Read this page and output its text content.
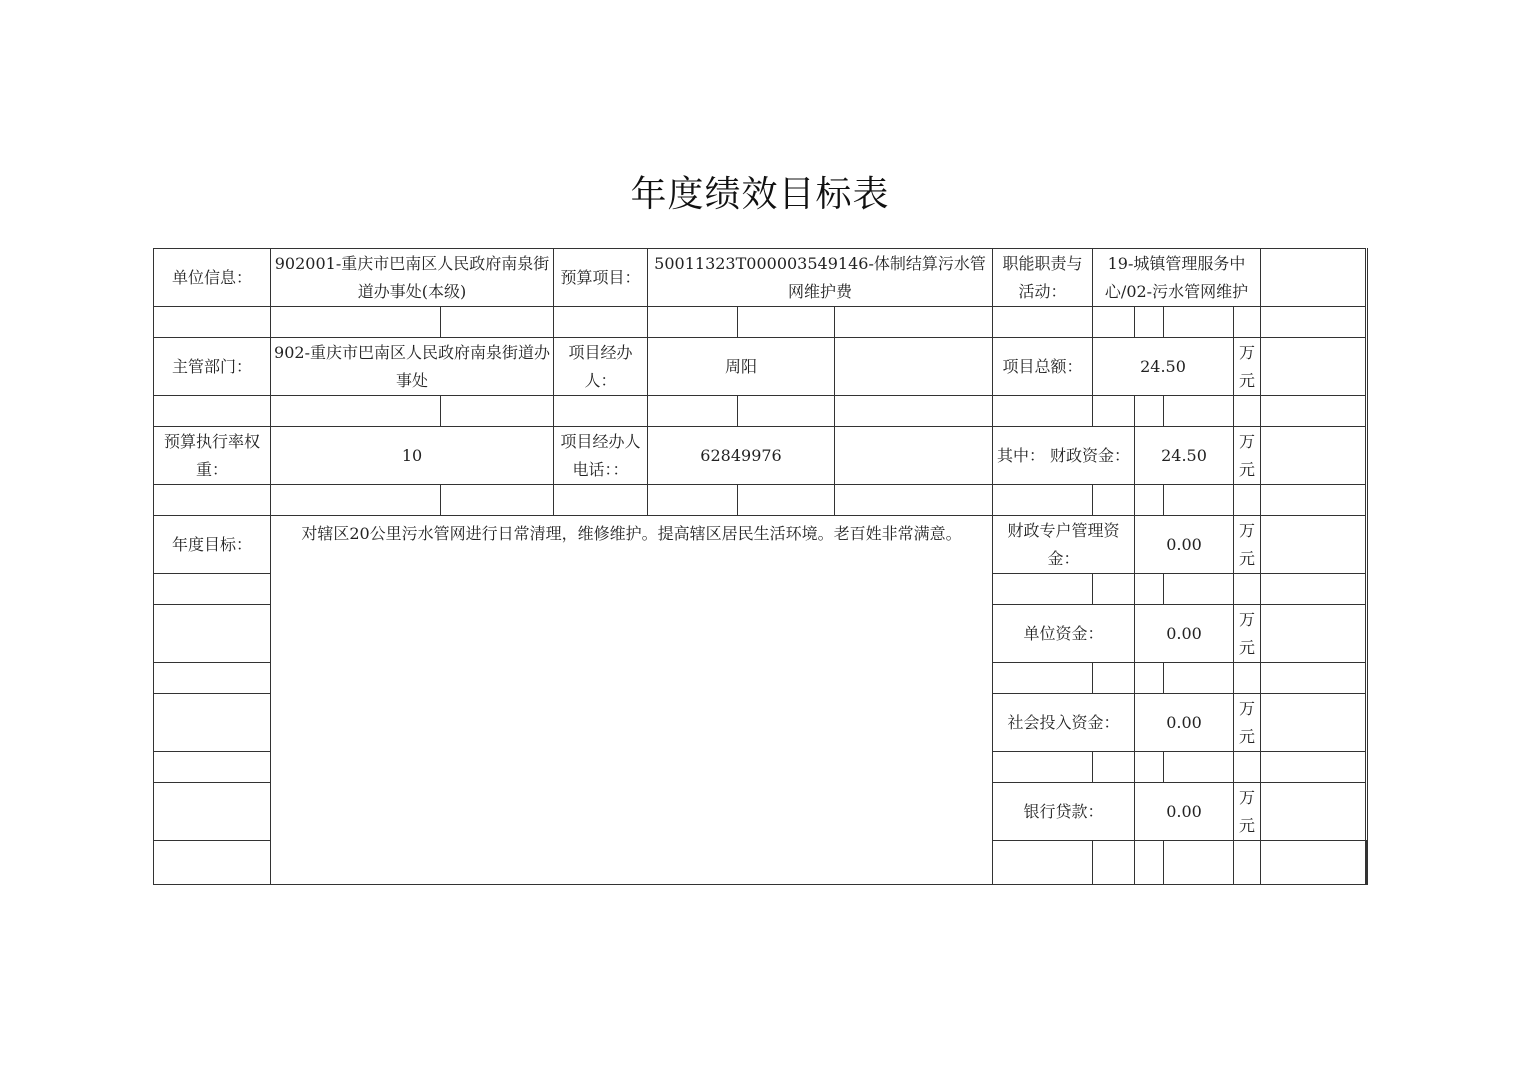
年度绩效目标表
单位信息：	902001-重庆市巴南区人民政府南泉街道办事处(本级)		预算项目：	50011323T000003549146-体制结算污水管网维护费			职能职责与活动：	19-城镇管理服务中心/02-污水管网维护					

主管部门：	902-重庆市巴南区人民政府南泉街道办事处		项目经办人：	周阳			项目总额：	24.50			万元		

预算执行率权重：	10		项目经办人电话：：	62849976			其中： 财政资金：		24.50		万元		

年度目标：	对辖区20公里污水管网进行日常清理，维修维护。提高辖区居民生活环境。老百姓非常满意。						财政专户管理资金：		0.00		万元		

							单位资金：		0.00		万元		

							社会投入资金：		0.00		万元		

							银行贷款：		0.00		万元		
